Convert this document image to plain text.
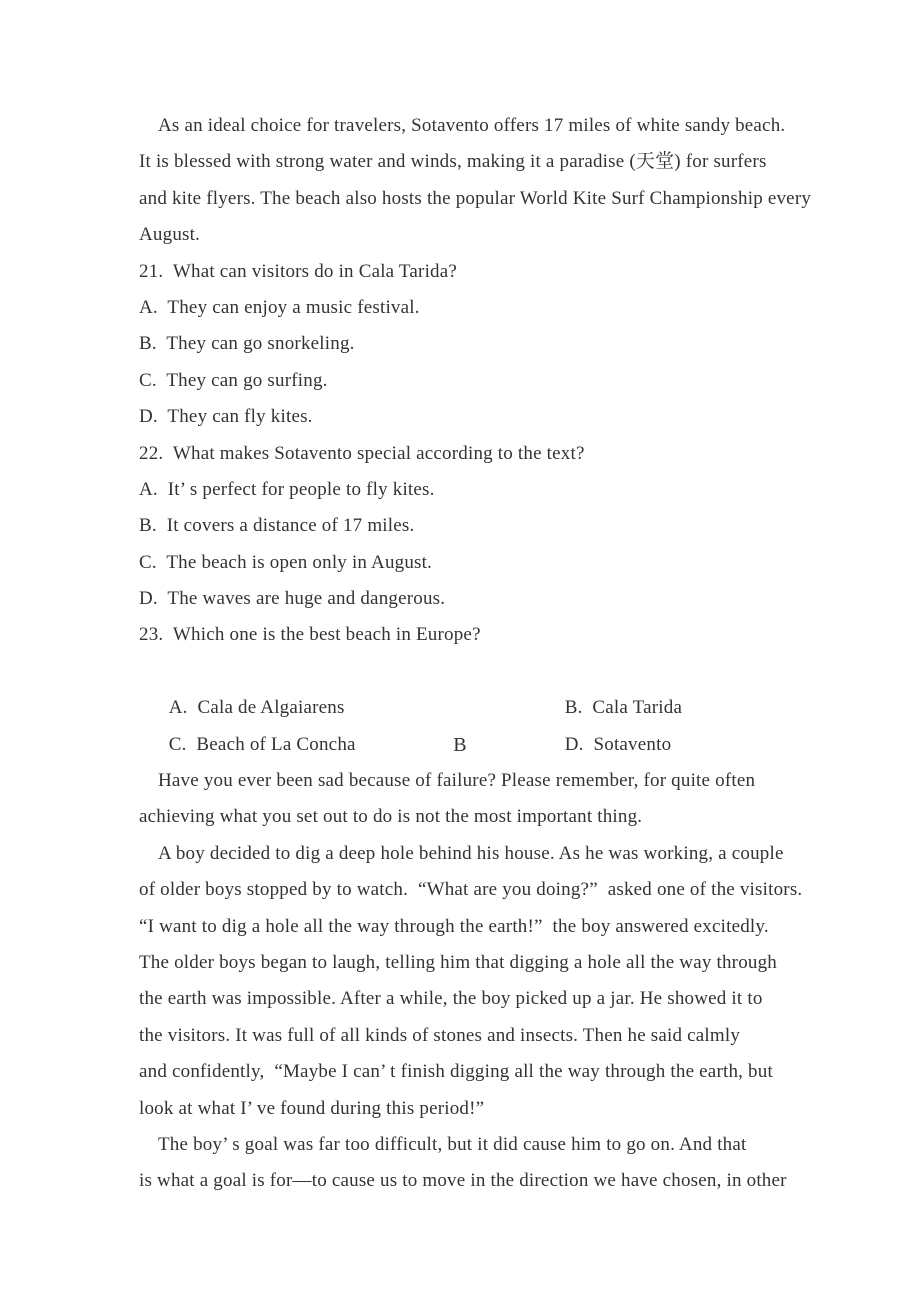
As an ideal choice for travelers, Sotavento offers 17 miles of white sandy beach.
It is blessed with strong water and winds, making it a paradise (天堂) for surfers
and kite flyers. The beach also hosts the popular World Kite Surf Championship every
August.
21.  What can visitors do in Cala Tarida?
A.  They can enjoy a music festival.
B.  They can go snorkeling.
C.  They can go surfing.
D.  They can fly kites.
22.  What makes Sotavento special according to the text?
A.  It’ s perfect for people to fly kites.
B.  It covers a distance of 17 miles.
C.  The beach is open only in August.
D.  The waves are huge and dangerous.
23.  Which one is the best beach in Europe?

A.  Cala de Algaiarens	B.  Cala Tarida

C.  Beach of La Concha	D.  Sotavento

B
Have you ever been sad because of failure? Please remember, for quite often
achieving what you set out to do is not the most important thing.
A boy decided to dig a deep hole behind his house. As he was working, a couple
of older boys stopped by to watch.  “What are you doing?”  asked one of the visitors.
“I want to dig a hole all the way through the earth!”  the boy answered excitedly.
The older boys began to laugh, telling him that digging a hole all the way through
the earth was impossible. After a while, the boy picked up a jar. He showed it to
the visitors. It was full of all kinds of stones and insects. Then he said calmly
and confidently,  “Maybe I can’ t finish digging all the way through the earth, but
look at what I’ ve found during this period!”
The boy’ s goal was far too difficult, but it did cause him to go on. And that
is what a goal is for—to cause us to move in the direction we have chosen, in other
